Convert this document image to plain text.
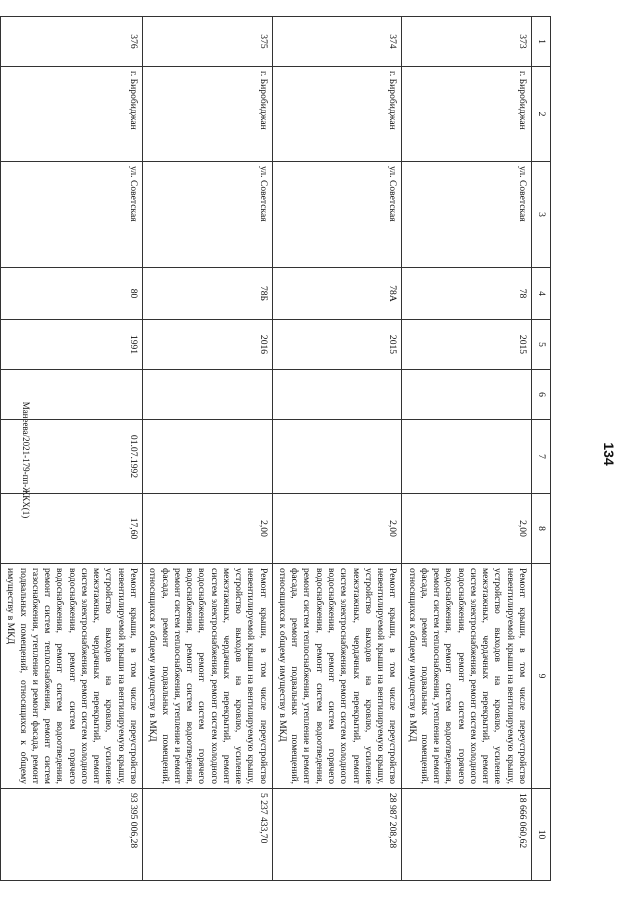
134
Манеева/2021-179-пп-ЖКХ(1)
1	2	3	4	5	6	7	8	9	10
373	г. Биробиджан	ул. Советская	78	2015			2,00	Ремонт крыши, в том числе переустройство невентилируемой крыши на вентилируемую крышу, устройство выходов на кровлю, усиление межэтажных, чердачных перекрытий, ремонт систем электроснабжения, ремонт систем холодного водоснабжения, ремонт систем горячего водоснабжения, ремонт систем водоотведения, ремонт систем теплоснабжения, утепление и ремонт фасада, ремонт подвальных помещений, относящихся к общему имуществу в МКД	18 666 060,62
374	г. Биробиджан	ул. Советская	78А	2015			2,00	Ремонт крыши, в том числе переустройство невентилируемой крыши на вентилируемую крышу, устройство выходов на кровлю, усиление межэтажных, чердачных перекрытий, ремонт систем электроснабжения, ремонт систем холодного водоснабжения, ремонт систем горячего водоснабжения, ремонт систем водоотведения, ремонт систем теплоснабжения, утепление и ремонт фасада, ремонт подвальных помещений, относящихся к общему имуществу в МКД	28 987 208,28
375	г. Биробиджан	ул. Советская	78Б	2016			2,00	Ремонт крыши, в том числе переустройство невентилируемой крыши на вентилируемую крышу, устройство выходов на кровлю, усиление межэтажных, чердачных перекрытий, ремонт систем электроснабжения, ремонт систем холодного водоснабжения, ремонт систем горячего водоснабжения, ремонт систем водоотведения, ремонт систем теплоснабжения, утепление и ремонт фасада, ремонт подвальных помещений, относящихся к общему имуществу в МКД	5 237 433,70
376	г. Биробиджан	ул. Советская	80	1991		01.07.1992	17,60	Ремонт крыши, в том числе переустройство невентилируемой крыши на вентилируемую крышу, устройство выходов на кровлю, усиление межэтажных, чердачных перекрытий, ремонт систем электроснабжения, ремонт систем холодного водоснабжения, ремонт систем горячего водоснабжения, ремонт систем водоотведения, ремонт систем теплоснабжения, ремонт систем газоснабжения, утепление и ремонт фасада, ремонт подвальных помещений, относящихся к общему имуществу в МКД	93 395 006,28
